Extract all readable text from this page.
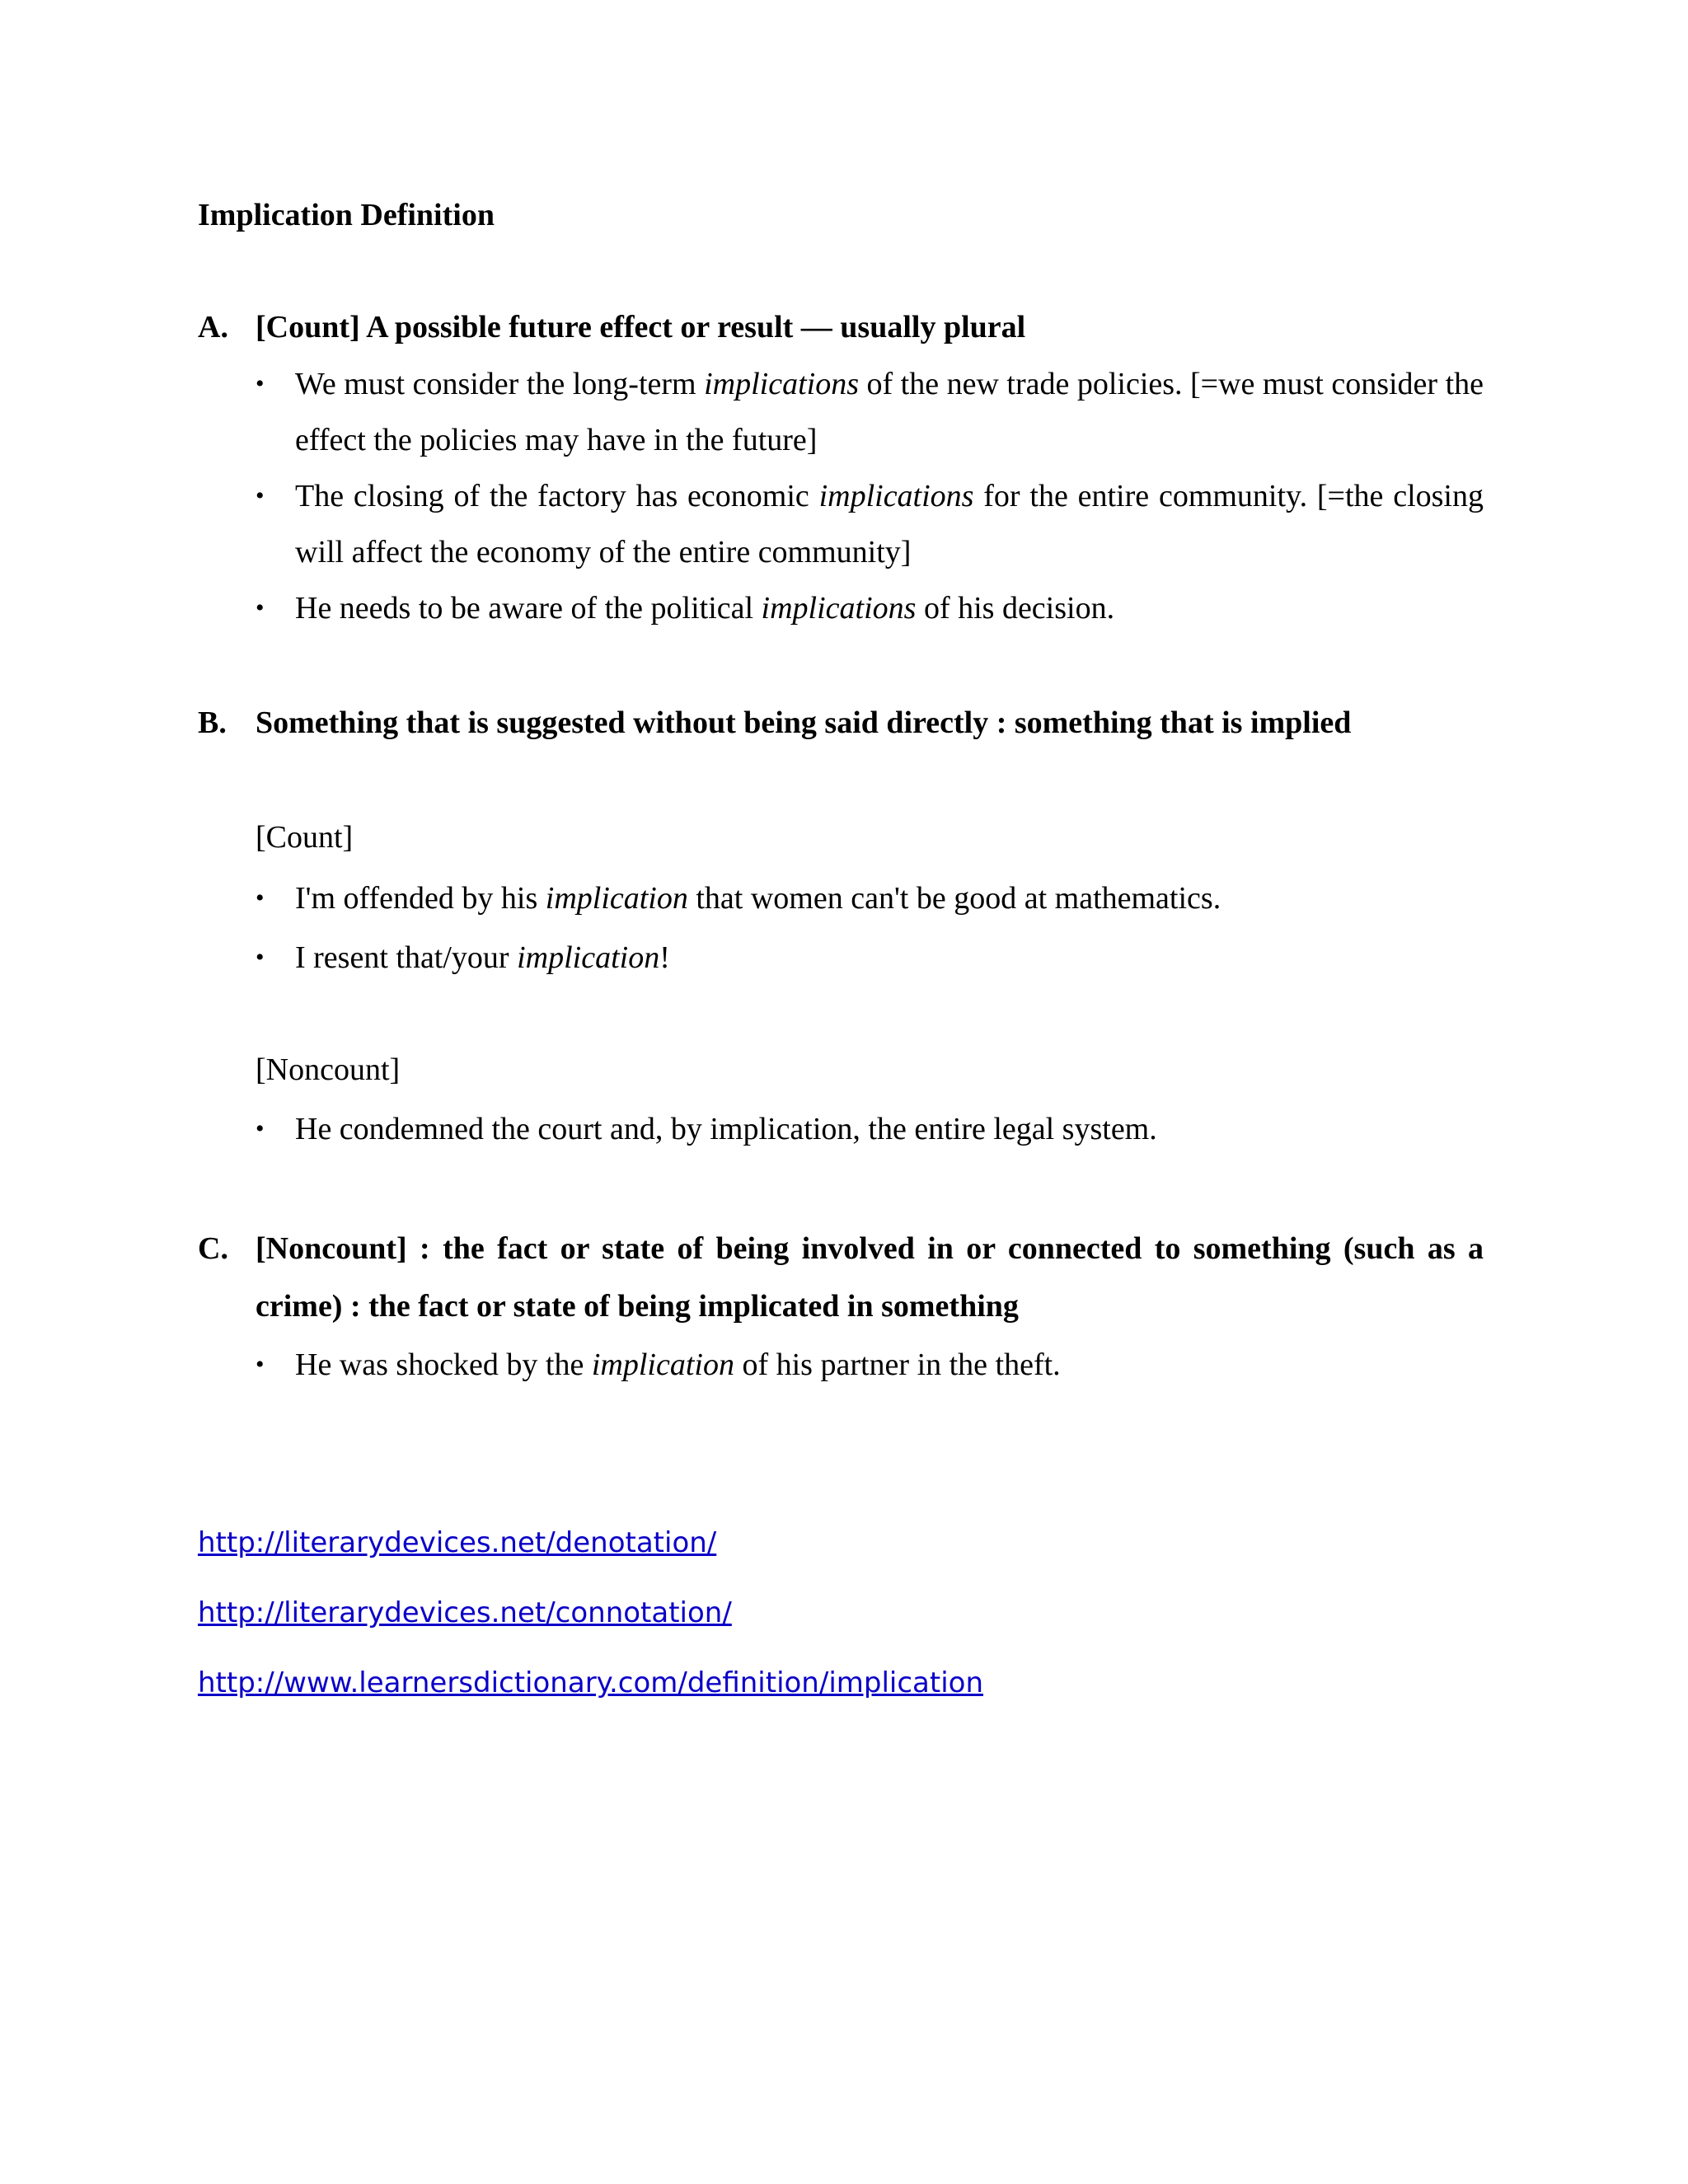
Implication Definition
A. [Count] A possible future effect or result — usually plural
• We must consider the long-term implications of the new trade policies. [=we must consider the effect the policies may have in the future]
• The closing of the factory has economic implications for the entire community. [=the closing will affect the economy of the entire community]
• He needs to be aware of the political implications of his decision.
B. Something that is suggested without being said directly : something that is implied
[Count]
• I'm offended by his implication that women can't be good at mathematics.
• I resent that/your implication!
[Noncount]
• He condemned the court and, by implication, the entire legal system.
C. [Noncount] : the fact or state of being involved in or connected to something (such as a crime) : the fact or state of being implicated in something
• He was shocked by the implication of his partner in the theft.
http://literarydevices.net/denotation/
http://literarydevices.net/connotation/
http://www.learnersdictionary.com/definition/implication
